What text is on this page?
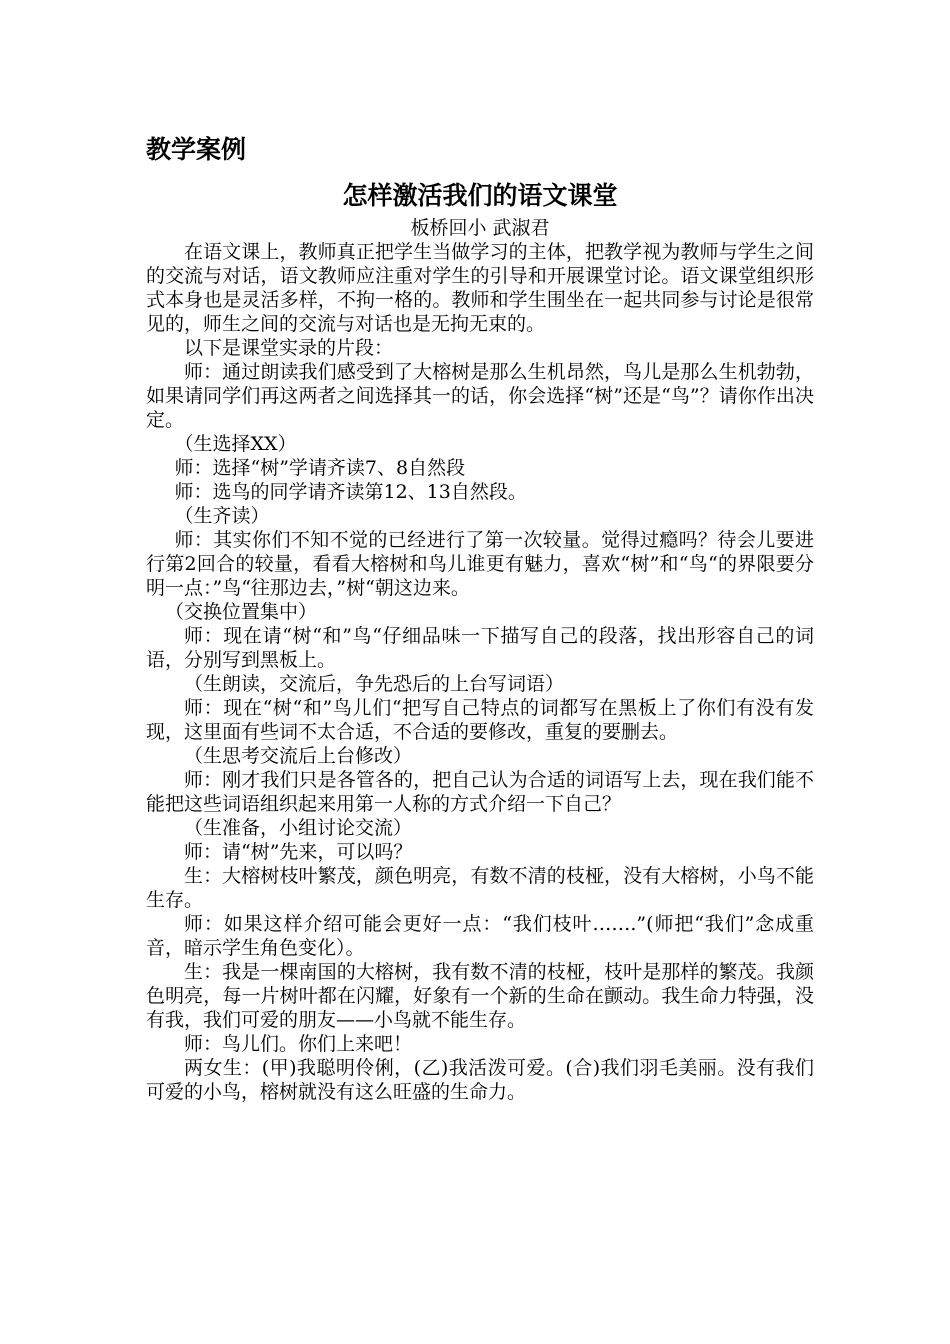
教学案例

怎样激活我们的语文课堂

板桥回小 武淑君

在语文课上，教师真正把学生当做学习的主体，把教学视为教师与学生之间的交流与对话，语文教师应注重对学生的引导和开展课堂讨论。语文课堂组织形式本身也是灵活多样，不拘一格的。教师和学生围坐在一起共同参与讨论是很常见的，师生之间的交流与对话也是无拘无束的。

以下是课堂实录的片段：

师：通过朗读我们感受到了大榕树是那么生机昂然，鸟儿是那么生机勃勃，如果请同学们再这两者之间选择其一的话，你会选择“树”还是“鸟”？请你作出决定。

（生选择XX）

师：选择“树”学请齐读7、8自然段

师：选鸟的同学请齐读第12、13自然段。

（生齐读）

师：其实你们不知不觉的已经进行了第一次较量。觉得过瘾吗？待会儿要进行第2回合的较量，看看大榕树和鸟儿谁更有魅力，喜欢“树”和“鸟“的界限要分明一点：”鸟“往那边去，”树“朝这边来。

（交换位置集中）

师：现在请“树“和”鸟“仔细品味一下描写自己的段落，找出形容自己的词语，分别写到黑板上。

（生朗读，交流后，争先恐后的上台写词语）

师：现在“树“和”鸟儿们“把写自己特点的词都写在黑板上了你们有没有发现，这里面有些词不太合适，不合适的要修改，重复的要删去。

（生思考交流后上台修改）

师：刚才我们只是各管各的，把自己认为合适的词语写上去，现在我们能不能把这些词语组织起来用第一人称的方式介绍一下自己？

（生准备，小组讨论交流）

师：请“树”先来，可以吗？

生：大榕树枝叶繁茂，颜色明亮，有数不清的枝桠，没有大榕树，小鸟不能生存。

师：如果这样介绍可能会更好一点：“我们枝叶…….”(师把“我们”念成重音，暗示学生角色变化）。

生：我是一棵南国的大榕树，我有数不清的枝桠，枝叶是那样的繁茂。我颜色明亮，每一片树叶都在闪耀，好象有一个新的生命在颤动。我生命力特强，没有我，我们可爱的朋友——小鸟就不能生存。

师：鸟儿们。你们上来吧！

两女生：(甲)我聪明伶俐，(乙)我活泼可爱。(合)我们羽毛美丽。没有我们可爱的小鸟，榕树就没有这么旺盛的生命力。
